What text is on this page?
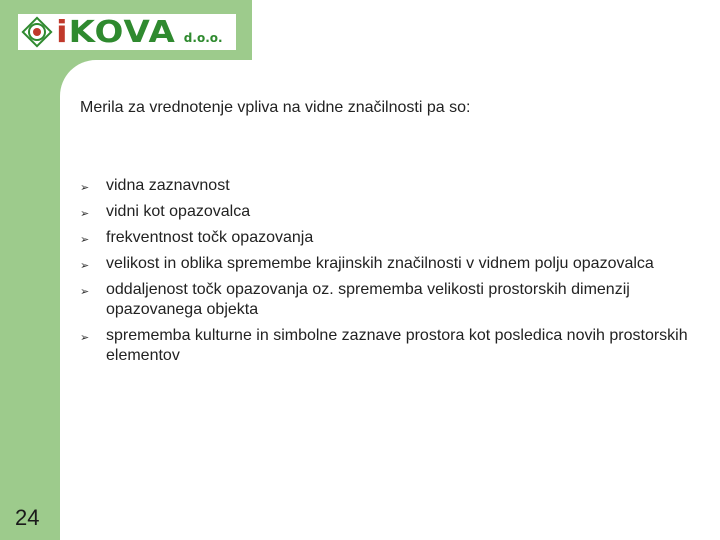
iKOVA d.o.o.
Merila za vrednotenje vpliva na vidne značilnosti pa so:
➢ vidna zaznavnost
➢ vidni kot opazovalca
➢ frekventnost točk opazovanja
➢ velikost in oblika spremembe krajinskih značilnosti v vidnem polju opazovalca
➢ oddaljenost točk opazovanja oz. sprememba velikosti prostorskih dimenzij opazovanega objekta
➢ sprememba kulturne in simbolne zaznave prostora kot posledica novih prostorskih elementov
24
